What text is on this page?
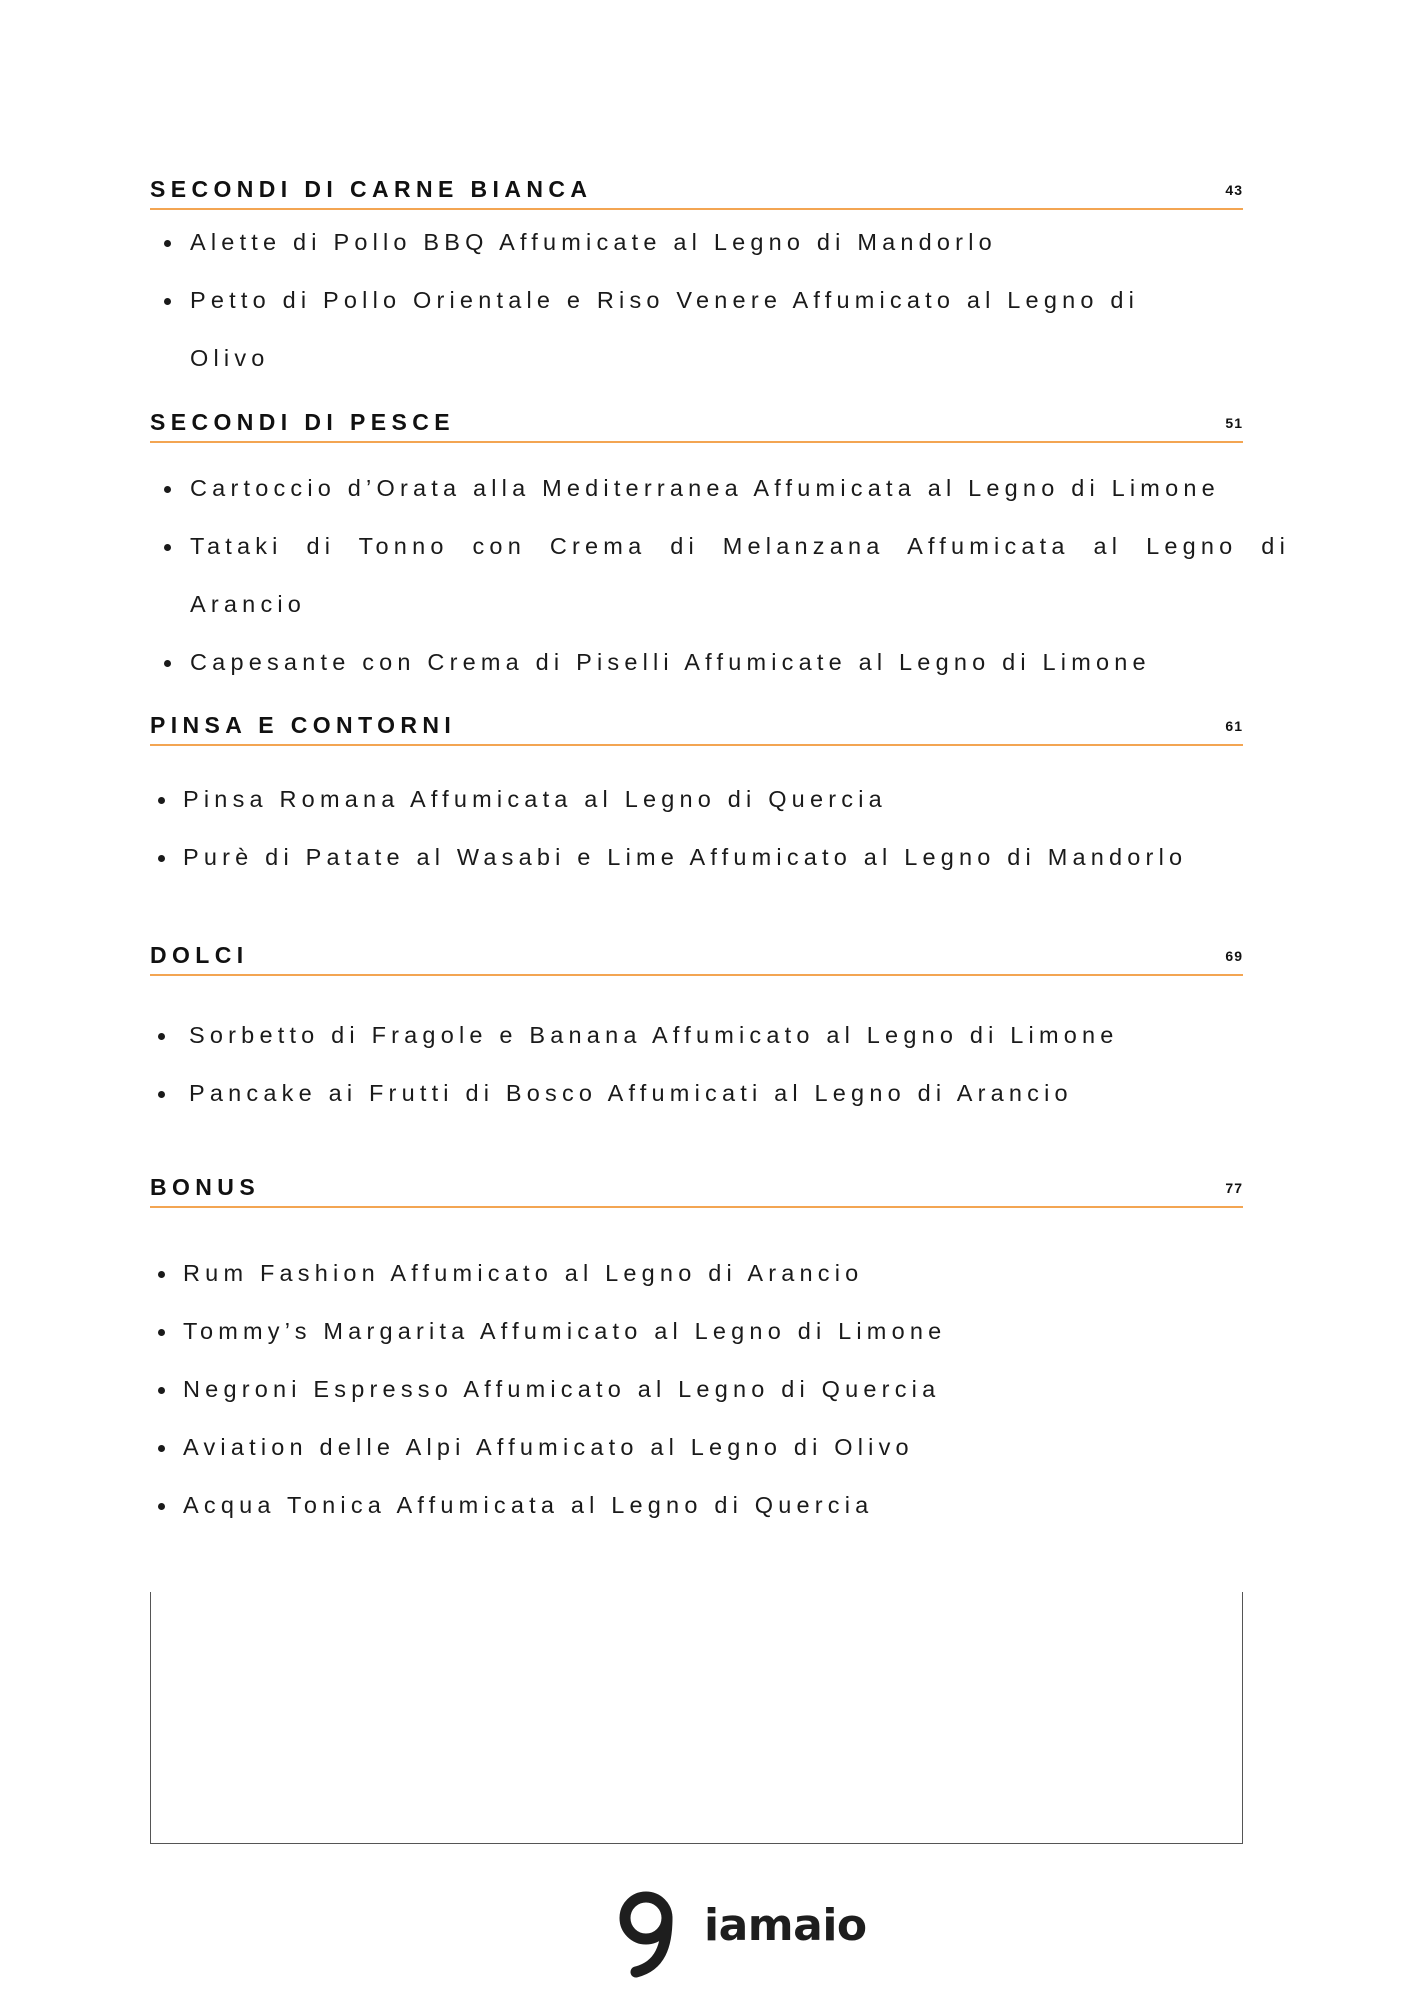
SECONDI DI CARNE BIANCA	43
Alette di Pollo BBQ Affumicate al Legno di Mandorlo
Petto di Pollo Orientale e Riso Venere Affumicato al Legno di Olivo
SECONDI DI PESCE	51
Cartoccio d’Orata alla Mediterranea Affumicata al Legno di Limone
Tataki di Tonno con Crema di Melanzana Affumicata al Legno di Arancio
Capesante con Crema di Piselli Affumicate al Legno di Limone
PINSA E CONTORNI	61
Pinsa Romana Affumicata al Legno di Quercia
Purè di Patate al Wasabi e Lime Affumicato al Legno di Mandorlo
DOLCI	69
Sorbetto di Fragole e Banana Affumicato al Legno di Limone
Pancake ai Frutti di Bosco Affumicati al Legno di Arancio
BONUS	77
Rum Fashion Affumicato al Legno di Arancio
Tommy’s Margarita Affumicato al Legno di Limone
Negroni Espresso Affumicato al Legno di Quercia
Aviation delle Alpi Affumicato al Legno di Olivo
Acqua Tonica Affumicata al Legno di Quercia
iamaio
